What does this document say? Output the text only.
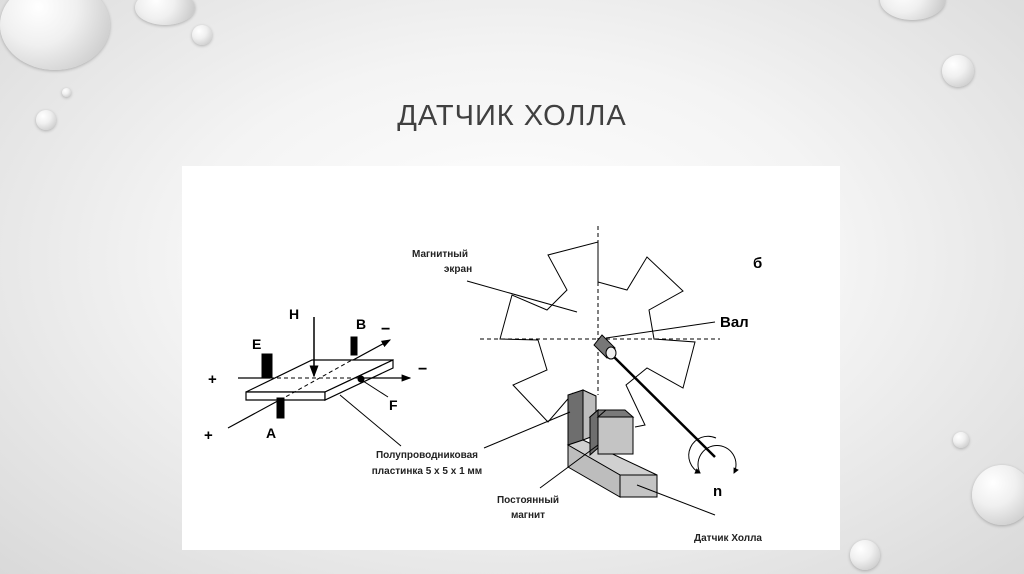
ДАТЧИК ХОЛЛА
H
E
B −
−
+
+
F
A
б
Магнитный
экран
Вал
n
Полупроводниковая
пластинка 5 x 5 x 1 мм
Постоянный
магнит
Датчик Холла
